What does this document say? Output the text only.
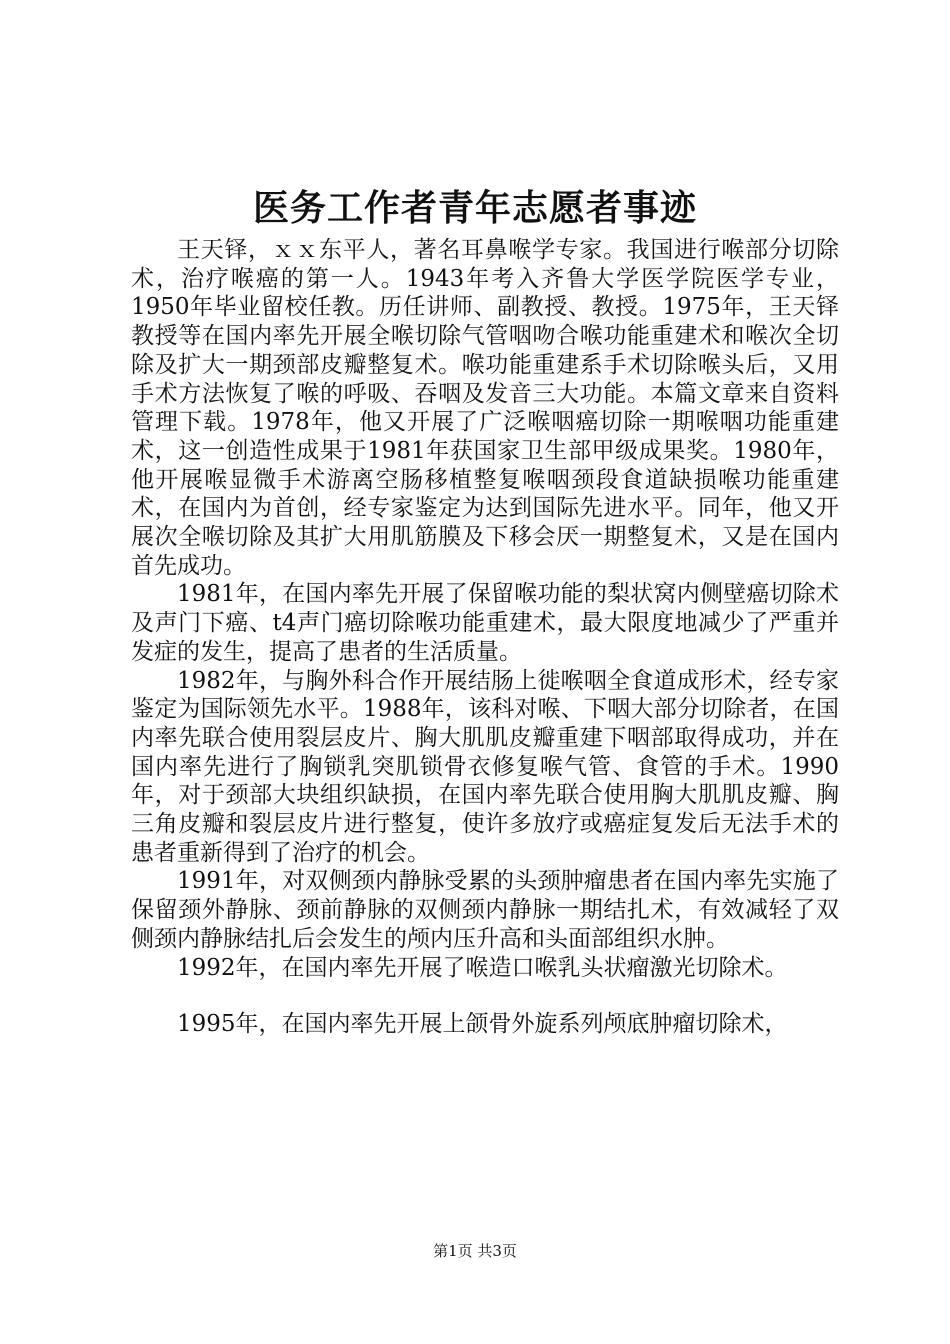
医务工作者青年志愿者事迹

王天铎，ｘｘ东平人，著名耳鼻喉学专家。我国进行喉部分切除术，治疗喉癌的第一人。1943年考入齐鲁大学医学院医学专业，1950年毕业留校任教。历任讲师、副教授、教授。1975年，王天铎教授等在国内率先开展全喉切除气管咽吻合喉功能重建术和喉次全切除及扩大一期颈部皮瓣整复术。喉功能重建系手术切除喉头后，又用手术方法恢复了喉的呼吸、吞咽及发音三大功能。本篇文章来自资料管理下载。1978年，他又开展了广泛喉咽癌切除一期喉咽功能重建术，这一创造性成果于1981年获国家卫生部甲级成果奖。1980年，他开展喉显微手术游离空肠移植整复喉咽颈段食道缺损喉功能重建术，在国内为首创，经专家鉴定为达到国际先进水平。同年，他又开展次全喉切除及其扩大用肌筋膜及下移会厌一期整复术，又是在国内首先成功。

1981年，在国内率先开展了保留喉功能的梨状窝内侧壁癌切除术及声门下癌、t4声门癌切除喉功能重建术，最大限度地减少了严重并发症的发生，提高了患者的生活质量。

1982年，与胸外科合作开展结肠上徙喉咽全食道成形术，经专家鉴定为国际领先水平。1988年，该科对喉、下咽大部分切除者，在国内率先联合使用裂层皮片、胸大肌肌皮瓣重建下咽部取得成功，并在国内率先进行了胸锁乳突肌锁骨衣修复喉气管、食管的手术。1990年，对于颈部大块组织缺损，在国内率先联合使用胸大肌肌皮瓣、胸三角皮瓣和裂层皮片进行整复，使许多放疗或癌症复发后无法手术的患者重新得到了治疗的机会。

1991年，对双侧颈内静脉受累的头颈肿瘤患者在国内率先实施了保留颈外静脉、颈前静脉的双侧颈内静脉一期结扎术，有效减轻了双侧颈内静脉结扎后会发生的颅内压升高和头面部组织水肿。

1992年，在国内率先开展了喉造口喉乳头状瘤激光切除术。

1995年，在国内率先开展上颌骨外旋系列颅底肿瘤切除术，

第1页 共3页
